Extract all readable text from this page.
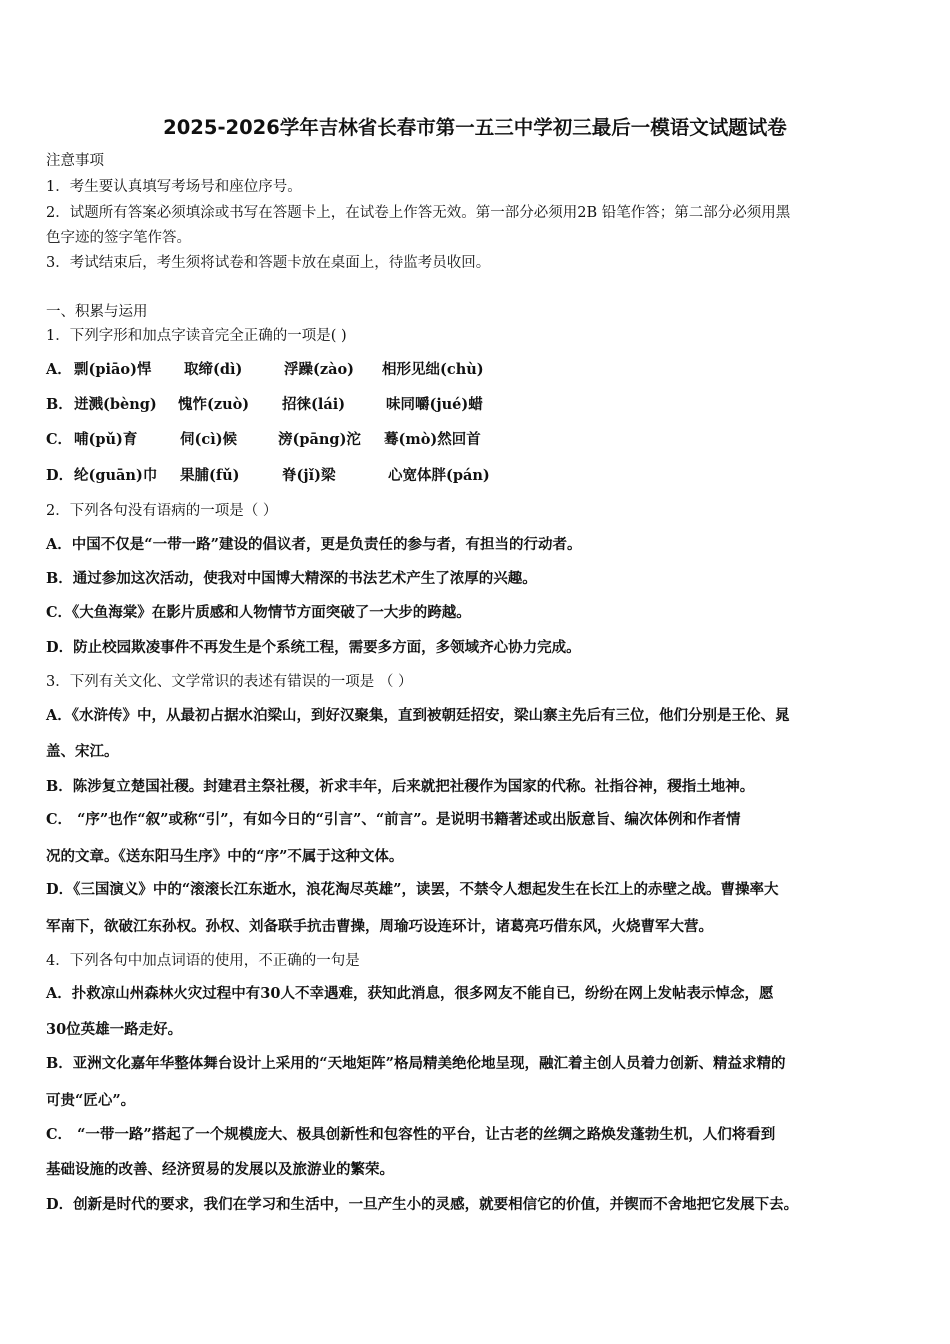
2025-2026学年吉林省长春市第一五三中学初三最后一模语文试题试卷
注意事项
1．考生要认真填写考场号和座位序号。
2．试题所有答案必须填涂或书写在答题卡上，在试卷上作答无效。第一部分必须用2B 铅笔作答；第二部分必须用黑
色字迹的签字笔作答。
3．考试结束后，考生须将试卷和答题卡放在桌面上，待监考员收回。
一、积累与运用
1．下列字形和加点字读音完全正确的一项是( )
A． 剽(piāo)悍 取缔(dì)	浮躁(zào) 相形见绌(chù)
B． 迸溅(bèng) 愧怍(zuò) 招徕(lái)	味同嚼(jué)蜡
C． 哺(pǔ)育	伺(cì)候	滂(pāng)沱 蓦(mò)然回首
D． 纶(guān)巾 果脯(fǔ)	脊(jǐ)梁	心宽体胖(pán)
2．下列各句没有语病的一项是（ ）
A．中国不仅是“一带一路”建设的倡议者，更是负责任的参与者，有担当的行动者。
B．通过参加这次活动，使我对中国博大精深的书法艺术产生了浓厚的兴趣。
C．《大鱼海棠》在影片质感和人物情节方面突破了一大步的跨越。
D．防止校园欺凌事件不再发生是个系统工程，需要多方面，多领域齐心协力完成。
3．下列有关文化、文学常识的表述有错误的一项是 （ ）
A．《水浒传》中，从最初占据水泊梁山，到好汉聚集，直到被朝廷招安，梁山寨主先后有三位，他们分别是王伦、晁
盖、宋江。
B．陈涉复立楚国社稷。封建君主祭社稷，祈求丰年，后来就把社稷作为国家的代称。社指谷神，稷指土地神。
C． “序”也作“叙”或称“引”，有如今日的“引言”、“前言”。是说明书籍著述或出版意旨、编次体例和作者情
况的文章。《送东阳马生序》中的“序”不属于这种文体。
D．《三国演义》中的“滚滚长江东逝水，浪花淘尽英雄”，读罢，不禁令人想起发生在长江上的赤壁之战。曹操率大
军南下，欲破江东孙权。孙权、刘备联手抗击曹操，周瑜巧设连环计，诸葛亮巧借东风，火烧曹军大营。
4．下列各句中加点词语的使用，不正确的一句是
A．扑救凉山州森林火灾过程中有30人不幸遇难，获知此消息，很多网友不能自已，纷纷在网上发帖表示悼念，愿
30位英雄一路走好。
B．亚洲文化嘉年华整体舞台设计上采用的“天地矩阵”格局精美绝伦地呈现，融汇着主创人员着力创新、精益求精的
可贵“匠心”。
C． “一带一路”搭起了一个规模庞大、极具创新性和包容性的平台，让古老的丝绸之路焕发蓬勃生机，人们将看到
基础设施的改善、经济贸易的发展以及旅游业的繁荣。
D．创新是时代的要求，我们在学习和生活中，一旦产生小的灵感，就要相信它的价值，并锲而不舍地把它发展下去。
